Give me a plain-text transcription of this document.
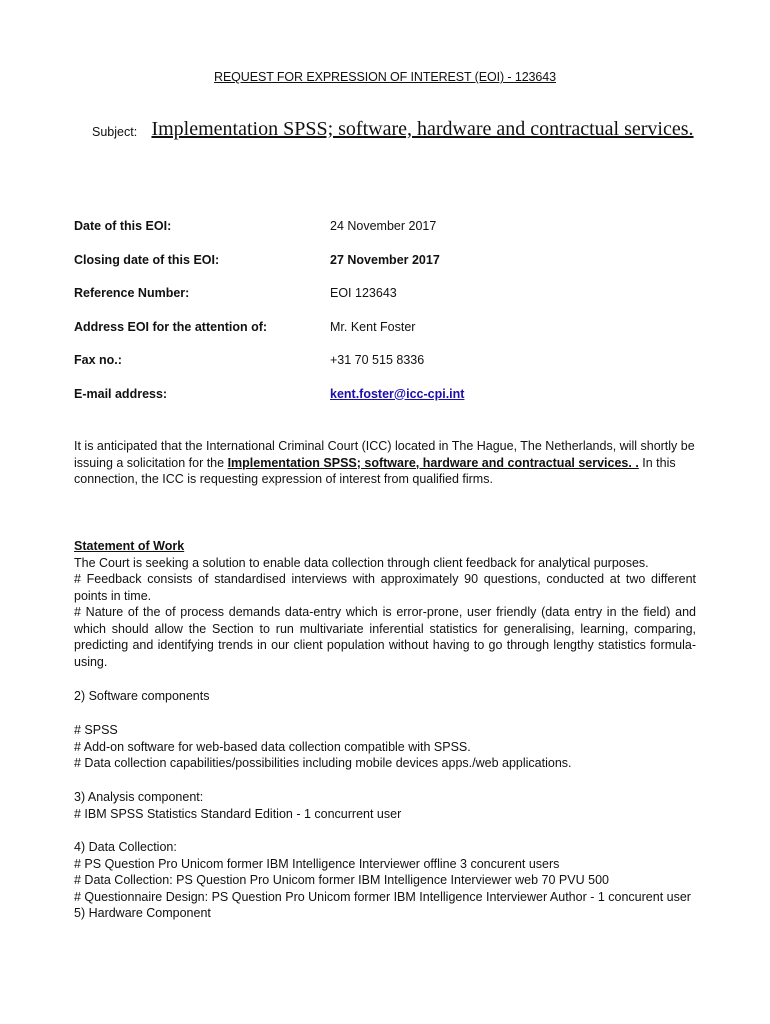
REQUEST FOR EXPRESSION OF INTEREST (EOI) - 123643
Subject: Implementation SPSS; software, hardware and contractual services.
Date of this EOI:	24 November 2017
Closing date of this EOI:	27 November 2017
Reference Number:	EOI 123643
Address EOI for the attention of:	Mr. Kent Foster
Fax no.:	+31 70 515 8336
E-mail address:	kent.foster@icc-cpi.int
It is anticipated that the International Criminal Court (ICC) located in The Hague, The Netherlands, will shortly be issuing a solicitation for the Implementation SPSS; software, hardware and contractual services. . In this connection, the ICC is requesting expression of interest from qualified firms.
Statement of Work
The Court is seeking a solution to enable data collection through client feedback for analytical purposes.
# Feedback consists of standardised interviews with approximately 90 questions, conducted at two different points in time.
# Nature of the of process demands data-entry which is error-prone, user friendly (data entry in the field) and which should allow the Section to run multivariate inferential statistics for generalising, learning, comparing, predicting and identifying trends in our client population without having to go through lengthy statistics formula-using.
2) Software components
# SPSS
# Add-on software for web-based data collection compatible with SPSS.
# Data collection capabilities/possibilities including mobile devices apps./web applications.
3) Analysis component:
# IBM SPSS Statistics Standard Edition - 1 concurrent user
4) Data Collection:
# PS Question Pro Unicom former IBM Intelligence Interviewer offline 3 concurent users
# Data Collection: PS Question Pro Unicom former IBM Intelligence Interviewer web 70 PVU 500
# Questionnaire Design: PS Question Pro Unicom former IBM Intelligence Interviewer Author - 1 concurent user
5) Hardware Component
